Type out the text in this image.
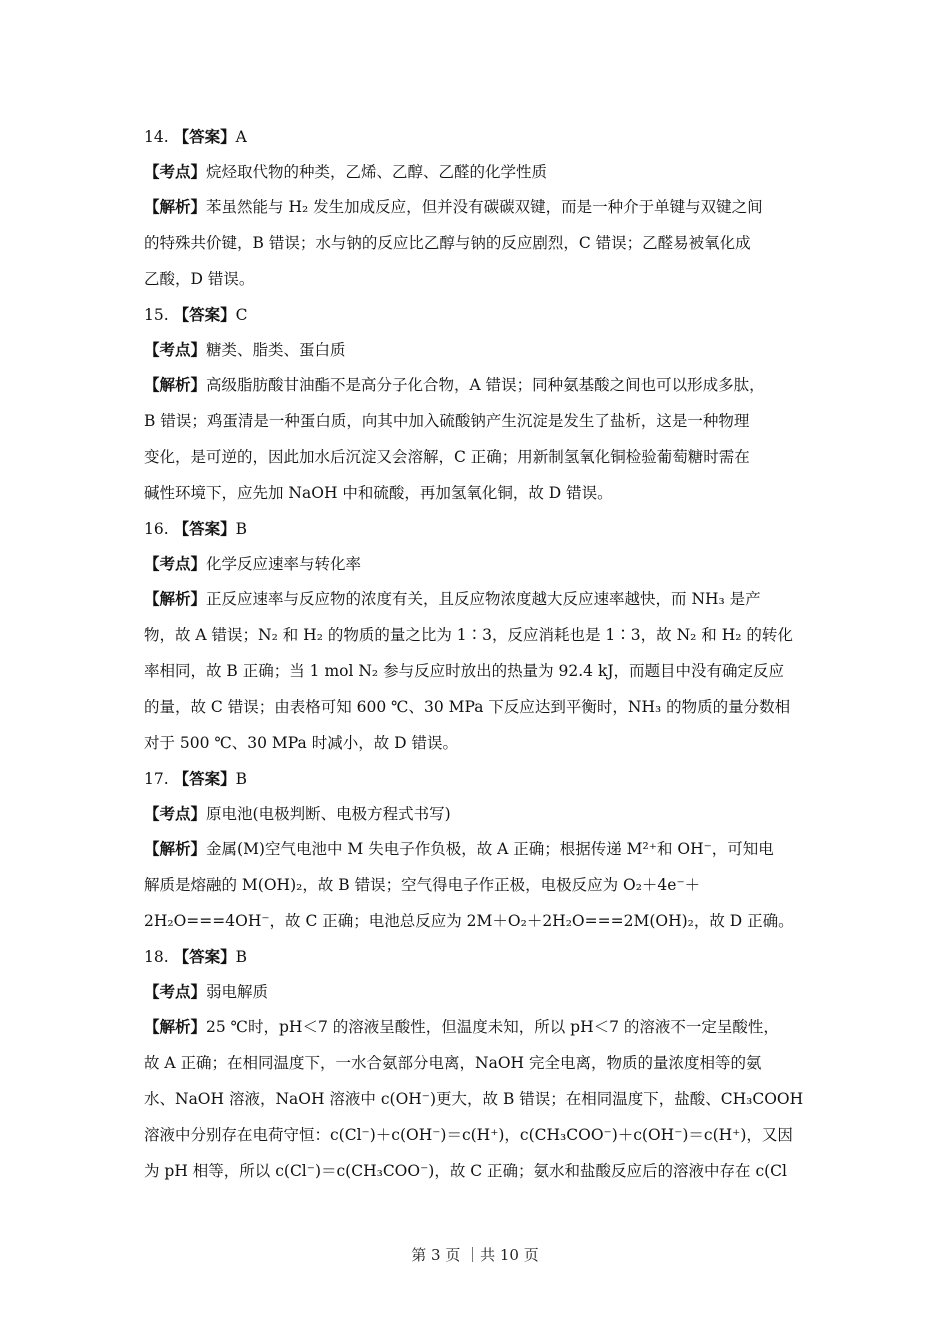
14. 【答案】A
【考点】烷烃取代物的种类，乙烯、乙醇、乙醛的化学性质
【解析】苯虽然能与 H₂ 发生加成反应，但并没有碳碳双键，而是一种介于单键与双键之间
的特殊共价键，B 错误；水与钠的反应比乙醇与钠的反应剧烈，C 错误；乙醛易被氧化成
乙酸，D 错误。
15. 【答案】C
【考点】糖类、脂类、蛋白质
【解析】高级脂肪酸甘油酯不是高分子化合物，A 错误；同种氨基酸之间也可以形成多肽，
B 错误；鸡蛋清是一种蛋白质，向其中加入硫酸钠产生沉淀是发生了盐析，这是一种物理
变化，是可逆的，因此加水后沉淀又会溶解，C 正确；用新制氢氧化铜检验葡萄糖时需在
碱性环境下，应先加 NaOH 中和硫酸，再加氢氧化铜，故 D 错误。
16. 【答案】B
【考点】化学反应速率与转化率
【解析】正反应速率与反应物的浓度有关，且反应物浓度越大反应速率越快，而 NH₃ 是产
物，故 A 错误；N₂ 和 H₂ 的物质的量之比为 1∶3，反应消耗也是 1∶3，故 N₂ 和 H₂ 的转化
率相同，故 B 正确；当 1 mol N₂ 参与反应时放出的热量为 92.4 kJ，而题目中没有确定反应
的量，故 C 错误；由表格可知 600 ℃、30 MPa 下反应达到平衡时，NH₃ 的物质的量分数相
对于 500 ℃、30 MPa 时减小，故 D 错误。
17. 【答案】B
【考点】原电池(电极判断、电极方程式书写)
【解析】金属(M)空气电池中 M 失电子作负极，故 A 正确；根据传递 M²⁺和 OH⁻，可知电
解质是熔融的 M(OH)₂，故 B 错误；空气得电子作正极，电极反应为 O₂＋4e⁻＋
2H₂O===4OH⁻，故 C 正确；电池总反应为 2M＋O₂＋2H₂O===2M(OH)₂，故 D 正确。
18. 【答案】B
【考点】弱电解质
【解析】25 ℃时，pH＜7 的溶液呈酸性，但温度未知，所以 pH＜7 的溶液不一定呈酸性，
故 A 正确；在相同温度下，一水合氨部分电离，NaOH 完全电离，物质的量浓度相等的氨
水、NaOH 溶液，NaOH 溶液中 c(OH⁻)更大，故 B 错误；在相同温度下，盐酸、CH₃COOH
溶液中分别存在电荷守恒：c(Cl⁻)＋c(OH⁻)＝c(H⁺)，c(CH₃COO⁻)＋c(OH⁻)＝c(H⁺)，又因
为 pH 相等，所以 c(Cl⁻)＝c(CH₃COO⁻)，故 C 正确；氨水和盐酸反应后的溶液中存在 c(Cl
第 3 页 ｜共 10 页
